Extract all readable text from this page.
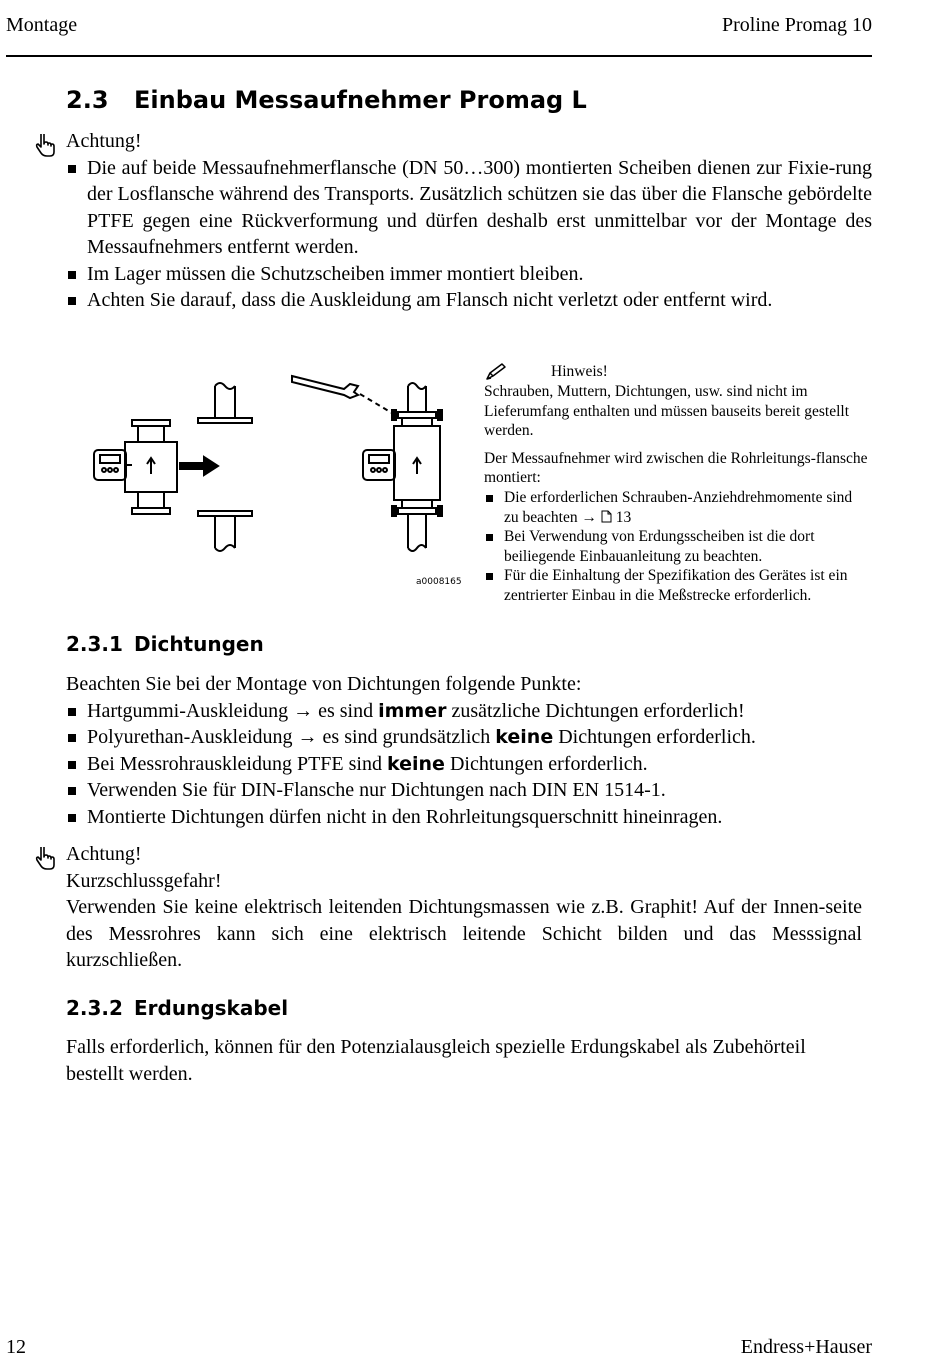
Montage	Proline Promag 10
2.3 Einbau Messaufnehmer Promag L
Achtung!
Die auf beide Messaufnehmerflansche (DN 50…300) montierten Scheiben dienen zur Fixie-rung der Losflansche während des Transports. Zusätzlich schützen sie das über die Flansche gebördelte PTFE gegen eine Rückverformung und dürfen deshalb erst unmittelbar vor der Montage des Messaufnehmers entfernt werden.
Im Lager müssen die Schutzscheiben immer montiert bleiben.
Achten Sie darauf, dass die Auskleidung am Flansch nicht verletzt oder entfernt wird.
a0008165
Hinweis!
Schrauben, Muttern, Dichtungen, usw. sind nicht im Lieferumfang enthalten und müssen bauseits bereit gestellt werden.
Der Messaufnehmer wird zwischen die Rohrleitungs-flansche montiert:
Die erforderlichen Schrauben-Anziehdrehmomente sind zu beachten → 13
Bei Verwendung von Erdungsscheiben ist die dort beiliegende Einbauanleitung zu beachten.
Für die Einhaltung der Spezifikation des Gerätes ist ein zentrierter Einbau in die Meßstrecke erforderlich.
2.3.1 Dichtungen
Beachten Sie bei der Montage von Dichtungen folgende Punkte:
Hartgummi-Auskleidung → es sind immer zusätzliche Dichtungen erforderlich!
Polyurethan-Auskleidung → es sind grundsätzlich keine Dichtungen erforderlich.
Bei Messrohrauskleidung PTFE sind keine Dichtungen erforderlich.
Verwenden Sie für DIN-Flansche nur Dichtungen nach DIN EN 1514-1.
Montierte Dichtungen dürfen nicht in den Rohrleitungsquerschnitt hineinragen.
Achtung!
Kurzschlussgefahr!
Verwenden Sie keine elektrisch leitenden Dichtungsmassen wie z.B. Graphit! Auf der Innen-seite des Messrohres kann sich eine elektrisch leitende Schicht bilden und das Messsignal kurzschließen.
2.3.2 Erdungskabel
Falls erforderlich, können für den Potenzialausgleich spezielle Erdungskabel als Zubehörteil bestellt werden.
12	Endress+Hauser
